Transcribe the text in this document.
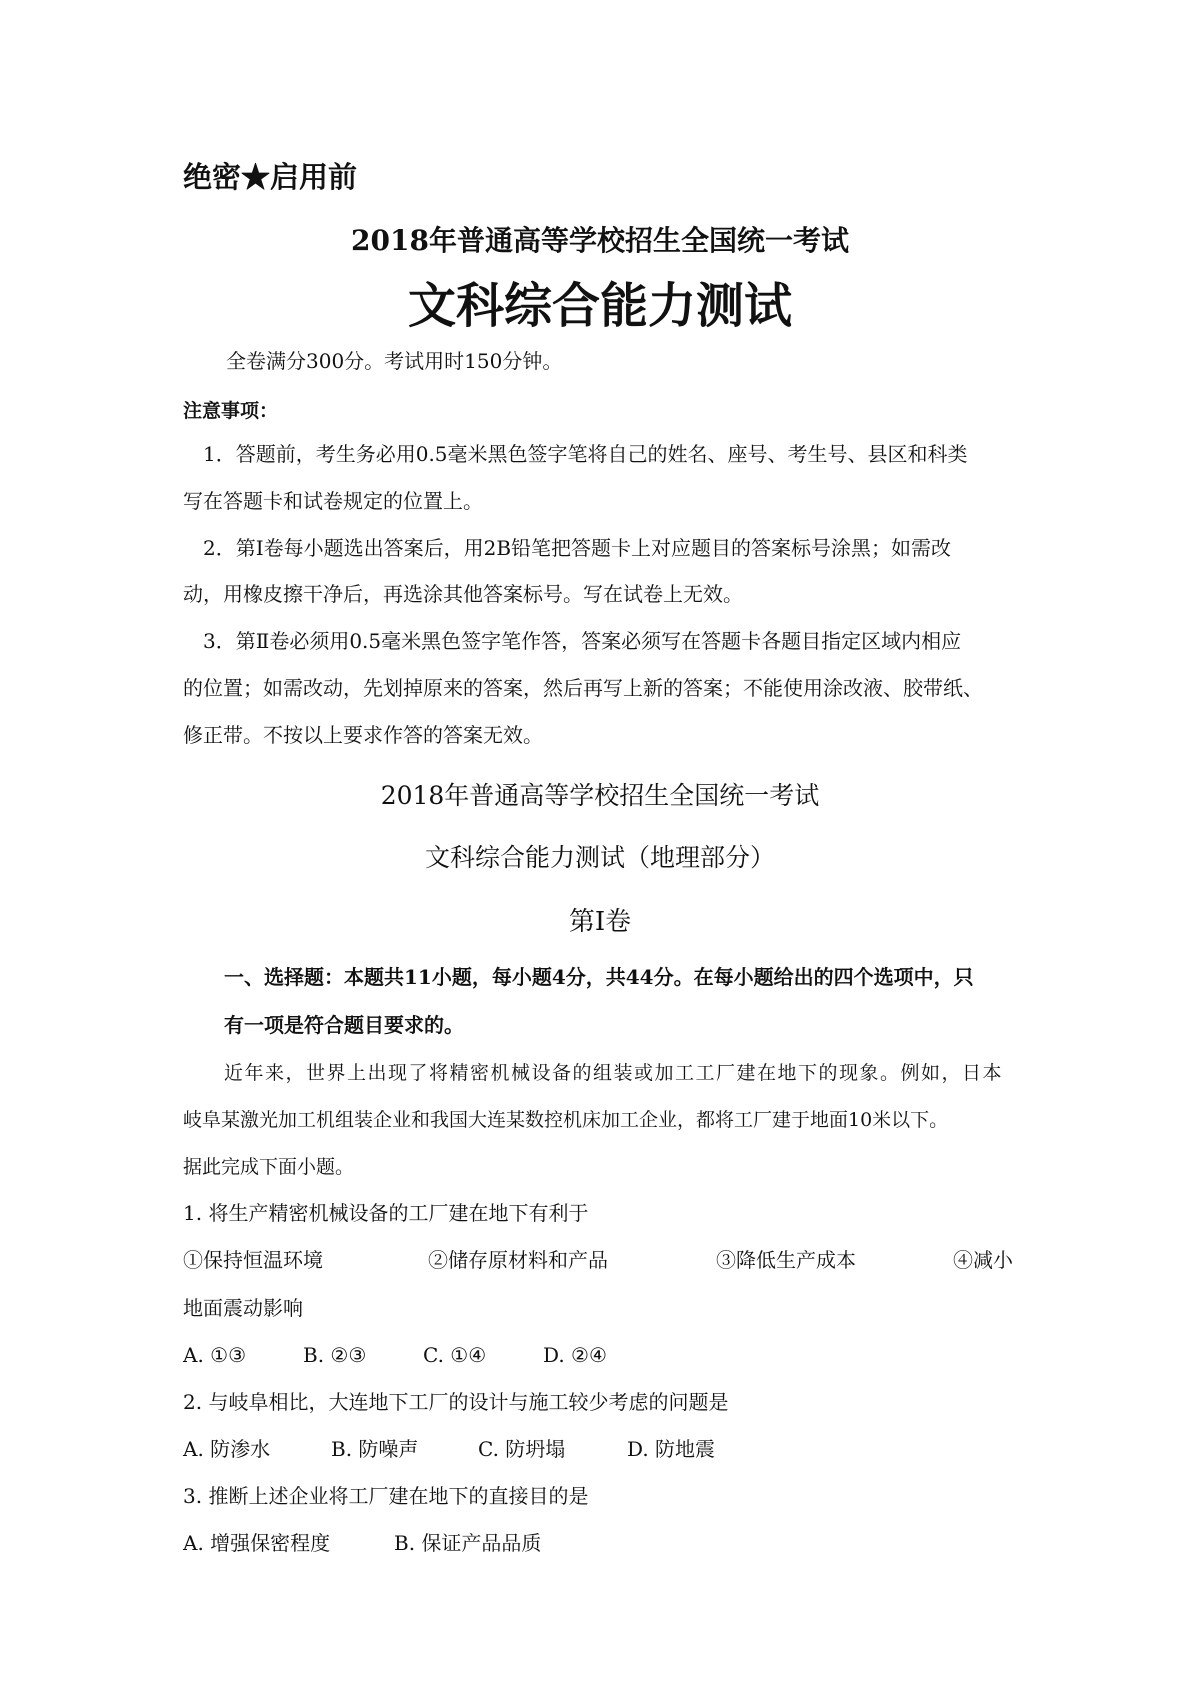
绝密★启用前
2018年普通高等学校招生全国统一考试
文科综合能力测试
全卷满分300分。考试用时150分钟。
注意事项：
1．答题前，考生务必用0.5毫米黑色签字笔将自己的姓名、座号、考生号、县区和科类
写在答题卡和试卷规定的位置上。
2．第Ⅰ卷每小题选出答案后，用2B铅笔把答题卡上对应题目的答案标号涂黑；如需改
动，用橡皮擦干净后，再选涂其他答案标号。写在试卷上无效。
3．第Ⅱ卷必须用0.5毫米黑色签字笔作答，答案必须写在答题卡各题目指定区域内相应
的位置；如需改动，先划掉原来的答案，然后再写上新的答案；不能使用涂改液、胶带纸、
修正带。不按以上要求作答的答案无效。
2018年普通高等学校招生全国统一考试
文科综合能力测试（地理部分）
第Ⅰ卷
一、选择题：本题共11小题，每小题4分，共44分。在每小题给出的四个选项中，只
有一项是符合题目要求的。
近年来，世界上出现了将精密机械设备的组装或加工工厂建在地下的现象。例如，日本
岐阜某激光加工机组装企业和我国大连某数控机床加工企业，都将工厂建于地面10米以下。
据此完成下面小题。
1. 将生产精密机械设备的工厂建在地下有利于
①保持恒温环境	②储存原材料和产品	③降低生产成本	④减小
地面震动影响
A. ①③	B. ②③	C. ①④	D. ②④
2. 与岐阜相比，大连地下工厂的设计与施工较少考虑的问题是
A. 防渗水	B. 防噪声	C. 防坍塌	D. 防地震
3. 推断上述企业将工厂建在地下的直接目的是
A. 增强保密程度	B. 保证产品品质
